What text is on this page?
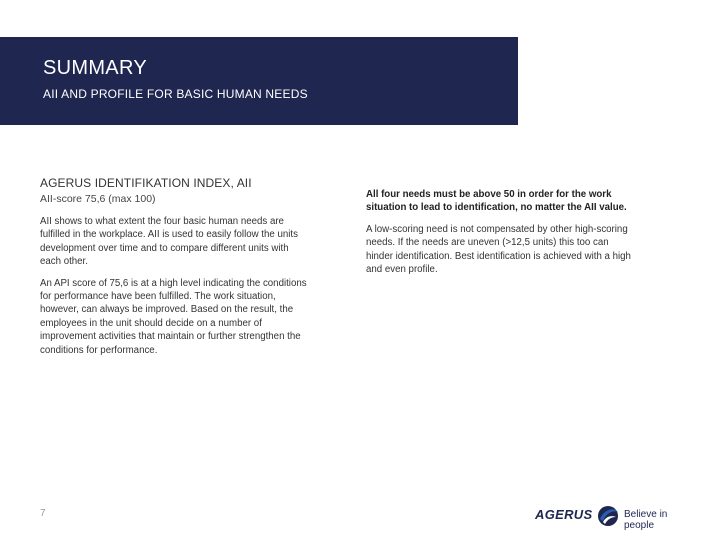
SUMMARY
AII AND PROFILE FOR BASIC HUMAN NEEDS
AGERUS IDENTIFIKATION INDEX, AII
AII-score 75,6 (max 100)

AII shows to what extent the four basic human needs are fulfilled in the workplace. AII is used to easily follow the units development over time and to compare different units with each other.

An API score of 75,6 is at a high level indicating the conditions for performance have been fulfilled. The work situation, however, can always be improved. Based on the result, the employees in the unit should decide on a number of improvement activities that maintain or further strengthen the conditions for performance.

All four needs must be above 50 in order for the work situation to lead to identification, no matter the AII value.

A low-scoring need is not compensated by other high-scoring needs. If the needs are uneven (>12,5 units) this too can hinder identification. Best identification is achieved with a high and even profile.

7	AGERUS	Believe in people
